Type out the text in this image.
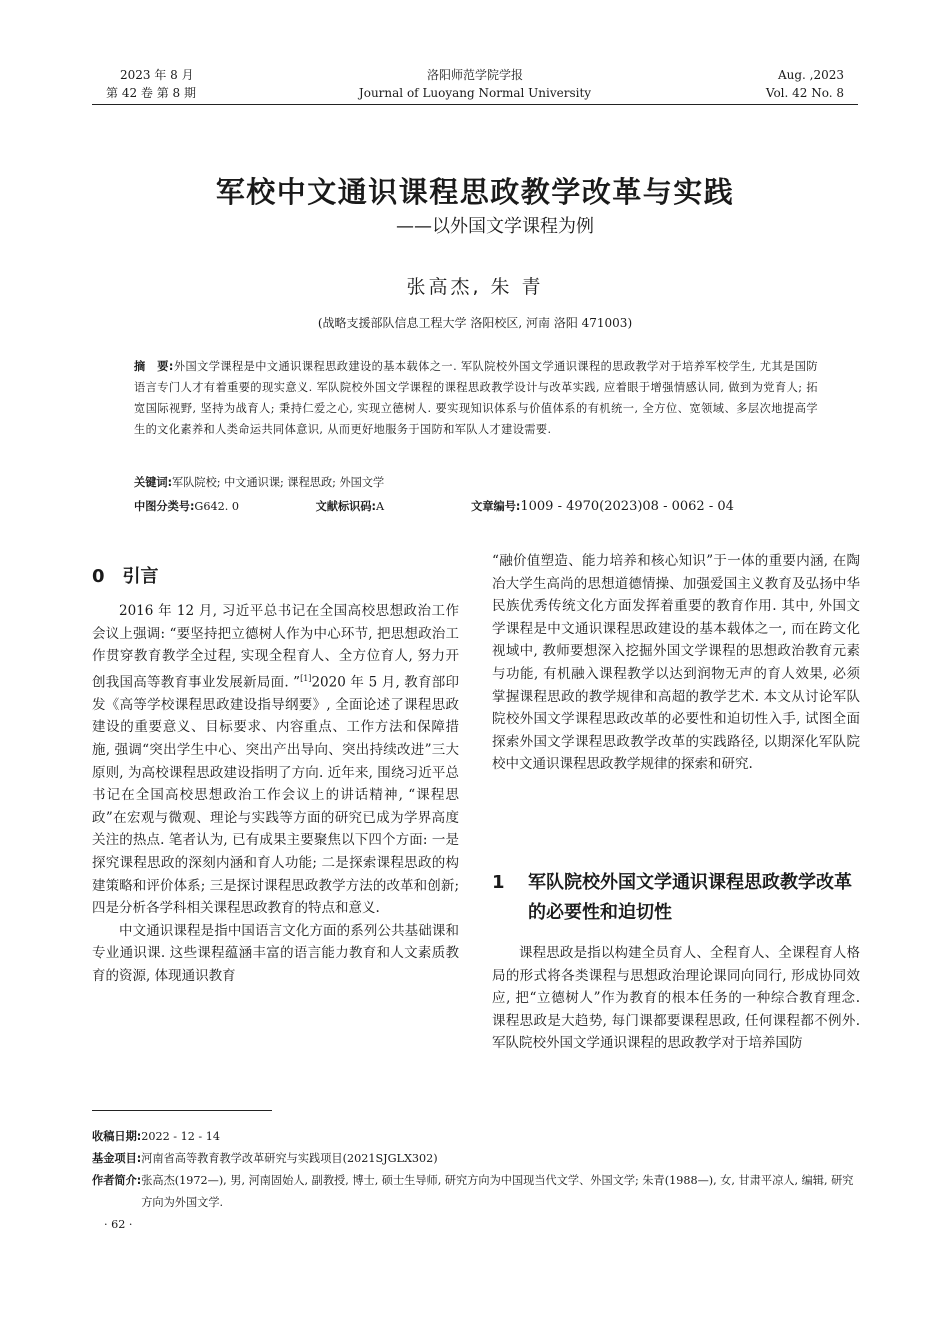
2023 年 8 月
第 42 卷 第 8 期
洛阳师范学院学报
Journal of Luoyang Normal University
Aug. ,2023
Vol. 42 No. 8
军校中文通识课程思政教学改革与实践
——以外国文学课程为例
张高杰, 朱 青
(战略支援部队信息工程大学 洛阳校区, 河南 洛阳 471003)
摘　要:外国文学课程是中文通识课程思政建设的基本载体之一. 军队院校外国文学通识课程的思政教学对于培养军校学生, 尤其是国防语言专门人才有着重要的现实意义. 军队院校外国文学课程的课程思政教学设计与改革实践, 应着眼于增强情感认同, 做到为党育人; 拓宽国际视野, 坚持为战育人; 秉持仁爱之心, 实现立德树人. 要实现知识体系与价值体系的有机统一, 全方位、宽领域、多层次地提高学生的文化素养和人类命运共同体意识, 从而更好地服务于国防和军队人才建设需要.
关键词:军队院校; 中文通识课; 课程思政; 外国文学
中图分类号:G642. 0	文献标识码:A	文章编号:1009 - 4970(2023)08 - 0062 - 04
0 引言

2016 年 12 月, 习近平总书记在全国高校思想政治工作会议上强调: “要坚持把立德树人作为中心环节, 把思想政治工作贯穿教育教学全过程, 实现全程育人、全方位育人, 努力开创我国高等教育事业发展新局面. ”[1]2020 年 5 月, 教育部印发《高等学校课程思政建设指导纲要》, 全面论述了课程思政建设的重要意义、目标要求、内容重点、工作方法和保障措施, 强调“突出学生中心、突出产出导向、突出持续改进”三大原则, 为高校课程思政建设指明了方向. 近年来, 围绕习近平总书记在全国高校思想政治工作会议上的讲话精神, “课程思政”在宏观与微观、理论与实践等方面的研究已成为学界高度关注的热点. 笔者认为, 已有成果主要聚焦以下四个方面: 一是探究课程思政的深刻内涵和育人功能; 二是探索课程思政的构建策略和评价体系; 三是探讨课程思政教学方法的改革和创新; 四是分析各学科相关课程思政教育的特点和意义.

中文通识课程是指中国语言文化方面的系列公共基础课和专业通识课. 这些课程蕴涵丰富的语言能力教育和人文素质教育的资源, 体现通识教育

“融价值塑造、能力培养和核心知识”于一体的重要内涵, 在陶冶大学生高尚的思想道德情操、加强爱国主义教育及弘扬中华民族优秀传统文化方面发挥着重要的教育作用. 其中, 外国文学课程是中文通识课程思政建设的基本载体之一, 而在跨文化视域中, 教师要想深入挖掘外国文学课程的思想政治教育元素与功能, 有机融入课程教学以达到润物无声的育人效果, 必须掌握课程思政的教学规律和高超的教学艺术. 本文从讨论军队院校外国文学课程思政改革的必要性和迫切性入手, 试图全面探索外国文学课程思政教学改革的实践路径, 以期深化军队院校中文通识课程思政教学规律的探索和研究.

1	军队院校外国文学通识课程思政教学改革的必要性和迫切性

课程思政是指以构建全员育人、全程育人、全课程育人格局的形式将各类课程与思想政治理论课同向同行, 形成协同效应, 把“立德树人”作为教育的根本任务的一种综合教育理念. 课程思政是大趋势, 每门课都要课程思政, 任何课程都不例外. 军队院校外国文学通识课程的思政教学对于培养国防

收稿日期: 2022 - 12 - 14
基金项目: 河南省高等教育教学改革研究与实践项目(2021SJGLX302)
作者简介: 张高杰(1972—), 男, 河南固始人, 副教授, 博士, 硕士生导师, 研究方向为中国现当代文学、外国文学; 朱青(1988—), 女, 甘肃平凉人, 编辑, 研究方向为外国文学.
· 62 ·
